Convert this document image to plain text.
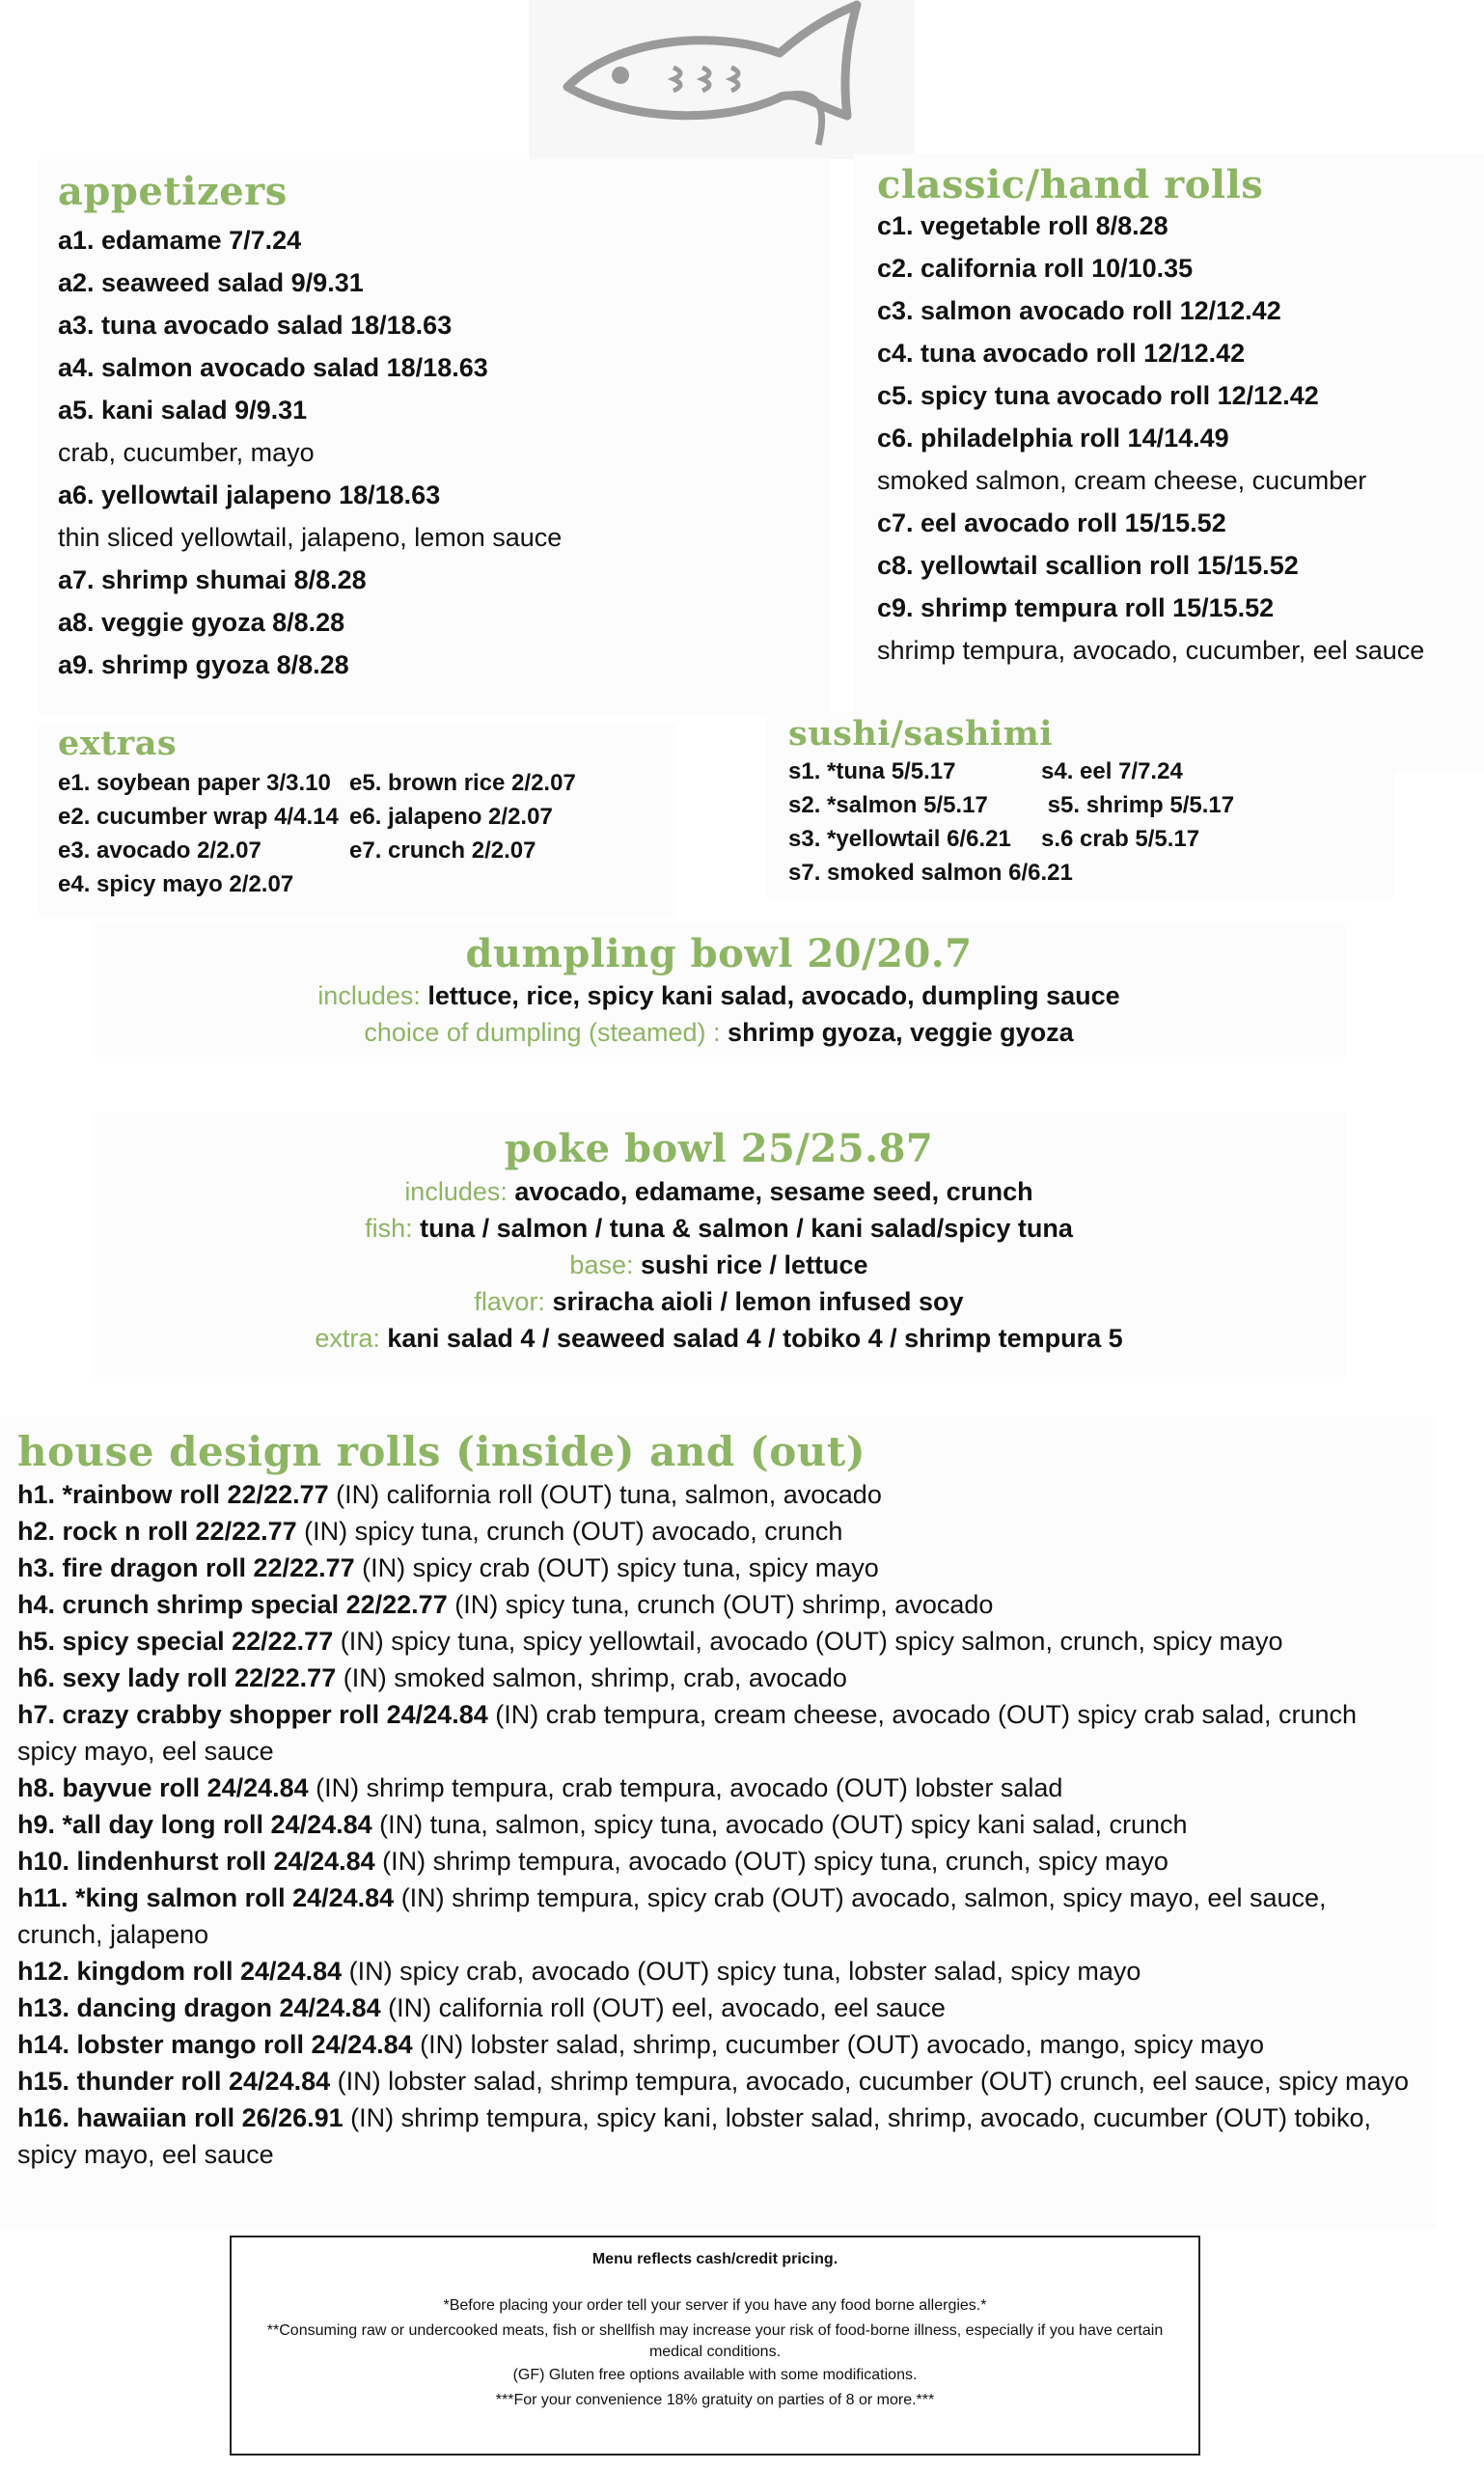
appetizers
a1. edamame 7/7.24
a2. seaweed salad 9/9.31
a3. tuna avocado salad 18/18.63
a4. salmon avocado salad 18/18.63
a5. kani salad 9/9.31
crab, cucumber, mayo
a6. yellowtail jalapeno 18/18.63
thin sliced yellowtail, jalapeno, lemon sauce
a7. shrimp shumai 8/8.28
a8. veggie gyoza 8/8.28
a9. shrimp gyoza 8/8.28
classic/hand rolls
c1. vegetable roll 8/8.28
c2. california roll 10/10.35
c3. salmon avocado roll 12/12.42
c4. tuna avocado roll 12/12.42
c5. spicy tuna avocado roll 12/12.42
c6. philadelphia roll 14/14.49
smoked salmon, cream cheese, cucumber
c7. eel avocado roll 15/15.52
c8. yellowtail scallion roll 15/15.52
c9. shrimp tempura roll 15/15.52
shrimp tempura, avocado, cucumber, eel sauce
extras
e1. soybean paper 3/3.10 e5. brown rice 2/2.07
e2. cucumber wrap 4/4.14 e6. jalapeno 2/2.07
e3. avocado 2/2.07	e7. crunch 2/2.07
e4. spicy mayo 2/2.07
sushi/sashimi
s1. *tuna 5/5.17	s4. eel 7/7.24
s2. *salmon 5/5.17 s5. shrimp 5/5.17
s3. *yellowtail 6/6.21 s.6 crab 5/5.17
s7. smoked salmon 6/6.21
dumpling bowl 20/20.7
includes: lettuce, rice, spicy kani salad, avocado, dumpling sauce
choice of dumpling (steamed) : shrimp gyoza, veggie gyoza
poke bowl 25/25.87
includes: avocado, edamame, sesame seed, crunch
fish: tuna / salmon / tuna & salmon / kani salad/spicy tuna
base: sushi rice / lettuce
flavor: sriracha aioli / lemon infused soy
extra: kani salad 4 / seaweed salad 4 / tobiko 4 / shrimp tempura 5
house design rolls (inside) and (out)
h1. *rainbow roll 22/22.77 (IN) california roll (OUT) tuna, salmon, avocado
h2. rock n roll 22/22.77 (IN) spicy tuna, crunch (OUT) avocado, crunch
h3. fire dragon roll 22/22.77 (IN) spicy crab (OUT) spicy tuna, spicy mayo
h4. crunch shrimp special 22/22.77 (IN) spicy tuna, crunch (OUT) shrimp, avocado
h5. spicy special 22/22.77 (IN) spicy tuna, spicy yellowtail, avocado (OUT) spicy salmon, crunch, spicy mayo
h6. sexy lady roll 22/22.77 (IN) smoked salmon, shrimp, crab, avocado
h7. crazy crabby shopper roll 24/24.84 (IN) crab tempura, cream cheese, avocado (OUT) spicy crab salad, crunch spicy mayo, eel sauce
h8. bayvue roll 24/24.84 (IN) shrimp tempura, crab tempura, avocado (OUT) lobster salad
h9. *all day long roll 24/24.84 (IN) tuna, salmon, spicy tuna, avocado (OUT) spicy kani salad, crunch
h10. lindenhurst roll 24/24.84 (IN) shrimp tempura, avocado (OUT) spicy tuna, crunch, spicy mayo
h11. *king salmon roll 24/24.84 (IN) shrimp tempura, spicy crab (OUT) avocado, salmon, spicy mayo, eel sauce, crunch, jalapeno
h12. kingdom roll 24/24.84 (IN) spicy crab, avocado (OUT) spicy tuna, lobster salad, spicy mayo
h13. dancing dragon 24/24.84 (IN) california roll (OUT) eel, avocado, eel sauce
h14. lobster mango roll 24/24.84 (IN) lobster salad, shrimp, cucumber (OUT) avocado, mango, spicy mayo
h15. thunder roll 24/24.84 (IN) lobster salad, shrimp tempura, avocado, cucumber (OUT) crunch, eel sauce, spicy mayo
h16. hawaiian roll 26/26.91 (IN) shrimp tempura, spicy kani, lobster salad, shrimp, avocado, cucumber (OUT) tobiko, spicy mayo, eel sauce
Menu reflects cash/credit pricing.
*Before placing your order tell your server if you have any food borne allergies.*
**Consuming raw or undercooked meats, fish or shellfish may increase your risk of food-borne illness, especially if you have certain medical conditions.
(GF) Gluten free options available with some modifications.
***For your convenience 18% gratuity on parties of 8 or more.***
